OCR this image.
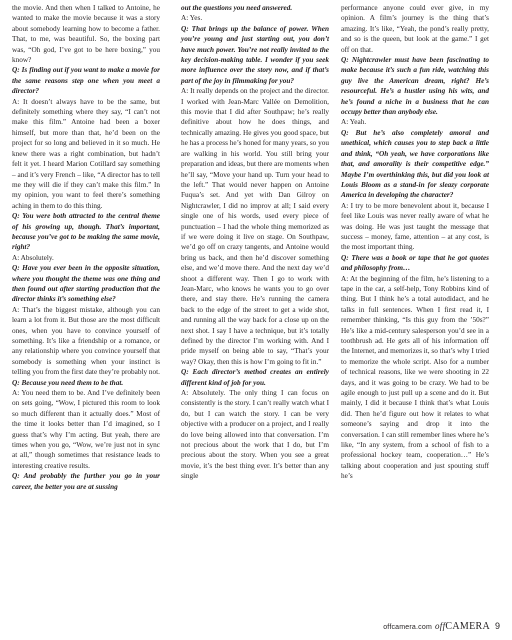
the movie. And then when I talked to Antoine, he wanted to make the movie because it was a story about somebody learning how to become a father. That, to me, was beautiful. So, the boxing part was, “Oh god, I’ve got to be here boxing,” you know?

Q: Is finding out if you want to make a movie for the same reasons step one when you meet a director?

A: It doesn’t always have to be the same, but definitely something where they say, “I can’t not make this film.” Antoine had been a boxer himself, but more than that, he’d been on the project for so long and believed in it so much. He knew there was a right combination, but hadn’t felt it yet. I heard Marion Cotillard say something – and it’s very French – like, “A director has to tell me they will die if they can’t make this film.” In my opinion, you want to feel there’s something aching in them to do this thing.

Q: You were both attracted to the central theme of his growing up, though. That’s important, because you’ve got to be making the same movie, right?

A: Absolutely.

Q: Have you ever been in the opposite situation, where you thought the theme was one thing and then found out after starting production that the director thinks it’s something else?

A: That’s the biggest mistake, although you can learn a lot from it. But those are the most difficult ones, when you have to convince yourself of something. It’s like a friendship or a romance, or any relationship where you convince yourself that somebody is something when your instinct is telling you from the first date they’re probably not.

Q: Because you need them to be that.

A: You need them to be. And I’ve definitely been on sets going, “Wow, I pictured this room to look so much different than it actually does.” Most of the time it looks better than I’d imagined, so I guess that’s why I’m acting. But yeah, there are times when you go, “Wow, we’re just not in sync at all,” though sometimes that resistance leads to interesting creative results.

Q: And probably the further you go in your career, the better you are at sussing

out the questions you need answered.

A: Yes.

Q: That brings up the balance of power. When you’re young and just starting out, you don’t have much power. You’re not really invited to the key decision-making table. I wonder if you seek more influence over the story now, and if that’s part of the joy in filmmaking for you?

A: It really depends on the project and the director. I worked with Jean-Marc Vallée on Demolition, this movie that I did after Southpaw; he’s really definitive about how he does things, and technically amazing. He gives you good space, but he has a process he’s honed for many years, so you are walking in his world. You still bring your preparation and ideas, but there are moments when he’ll say, “Move your hand up. Turn your head to the left.” That would never happen on Antoine Fuqua’s set. And yet with Dan Gilroy on Nightcrawler, I did no improv at all; I said every single one of his words, used every piece of punctuation – I had the whole thing memorized as if we were doing it live on stage. On Southpaw, we’d go off on crazy tangents, and Antoine would bring us back, and then he’d discover something else, and we’d move there. And the next day we’d shoot a different way. Then I go to work with Jean-Marc, who knows he wants you to go over there, and stay there. He’s running the camera back to the edge of the street to get a wide shot, and running all the way back for a close up on the next shot. I say I have a technique, but it’s totally defined by the director I’m working with. And I pride myself on being able to say, “That’s your way? Okay, then this is how I’m going to fit in.”

Q: Each director’s method creates an entirely different kind of job for you.

A: Absolutely. The only thing I can focus on consistently is the story. I can’t really watch what I do, but I can watch the story. I can be very objective with a producer on a project, and I really do love being allowed into that conversation. I’m not precious about the work that I do, but I’m precious about the story. When you see a great movie, it’s the best thing ever. It’s better than any single

performance anyone could ever give, in my opinion. A film’s journey is the thing that’s amazing. It’s like, “Yeah, the pond’s really pretty, and so is the queen, but look at the game.” I get off on that.

Q: Nightcrawler must have been fascinating to make because it’s such a fun ride, watching this guy live the American dream, right? He’s resourceful. He’s a hustler using his wits, and he’s found a niche in a business that he can occupy better than anybody else.

A: Yeah.

Q: But he’s also completely amoral and unethical, which causes you to step back a little and think, “Oh yeah, we have corporations like that, and amorality is their competitive edge.” Maybe I’m overthinking this, but did you look at Louis Bloom as a stand-in for sleazy corporate America in developing the character?

A: I try to be more benevolent about it, because I feel like Louis was never really aware of what he was doing. He was just taught the message that success – money, fame, attention – at any cost, is the most important thing.

Q: There was a book or tape that he got quotes and philosophy from…

A: At the beginning of the film, he’s listening to a tape in the car, a self-help, Tony Robbins kind of thing. But I think he’s a total autodidact, and he talks in full sentences. When I first read it, I remember thinking, “Is this guy from the ’50s?” He’s like a mid-century salesperson you’d see in a toothbrush ad. He gets all of his information off the Internet, and memorizes it, so that’s why I tried to memorize the whole script. Also for a number of technical reasons, like we were shooting in 22 days, and it was going to be crazy. We had to be agile enough to just pull up a scene and do it. But mainly, I did it because I think that’s what Louis did. Then he’d figure out how it relates to what someone’s saying and drop it into the conversation. I can still remember lines where he’s like, “In any system, from a school of fish to a professional hockey team, cooperation…” He’s talking about cooperation and just spouting stuff he’s

offcamera.com offCAMERA 9
